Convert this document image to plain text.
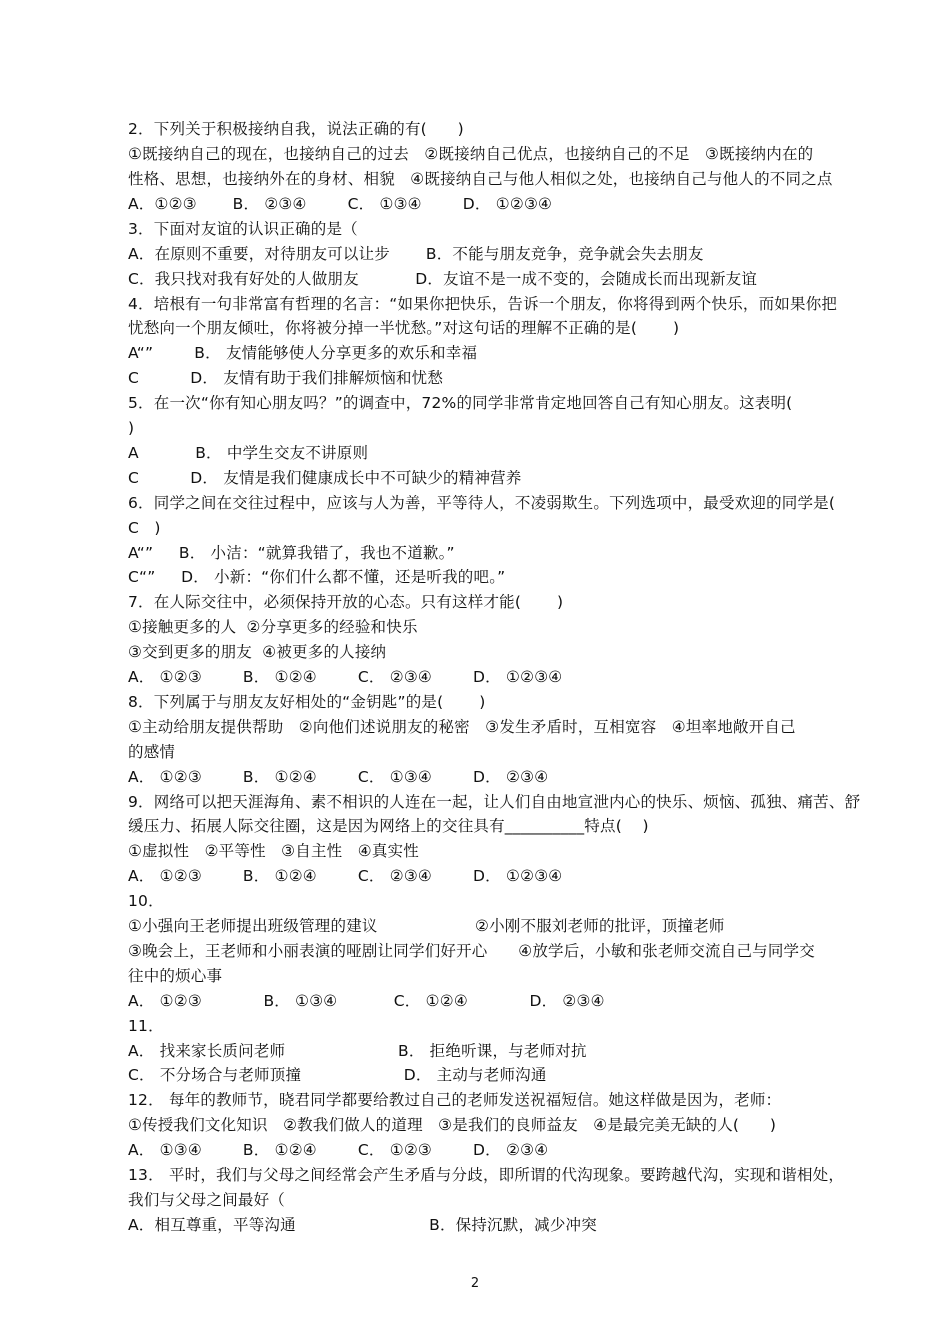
2．下列关于积极接纳自我，说法正确的有(      )
①既接纳自己的现在，也接纳自己的过去   ②既接纳自己优点，也接纳自己的不足   ③既接纳内在的
性格、思想，也接纳外在的身材、相貌   ④既接纳自己与他人相似之处，也接纳自己与他人的不同之点
A．①②③       B． ②③④        C． ①③④        D． ①②③④
3．下面对友谊的认识正确的是（
A．在原则不重要，对待朋友可以让步       B．不能与朋友竞争，竞争就会失去朋友
C．我只找对我有好处的人做朋友           D．友谊不是一成不变的，会随成长而出现新友谊
4．培根有一句非常富有哲理的名言：“如果你把快乐，告诉一个朋友，你将得到两个快乐，而如果你把
忧愁向一个朋友倾吐，你将被分掉一半忧愁。”对这句话的理解不正确的是(       )
A“”        B． 友情能够使人分享更多的欢乐和幸福
C          D． 友情有助于我们排解烦恼和忧愁
5．在一次“你有知心朋友吗？”的调查中，72%的同学非常肯定地回答自己有知心朋友。这表明(
)
A           B． 中学生交友不讲原则
C          D． 友情是我们健康成长中不可缺少的精神营养
6．同学之间在交往过程中，应该与人为善，平等待人，不凌弱欺生。下列选项中，最受欢迎的同学是(
C   )
A“”     B． 小洁：“就算我错了，我也不道歉。”
C“”     D． 小新：“你们什么都不懂，还是听我的吧。”
7．在人际交往中，必须保持开放的心态。只有这样才能(       )
①接触更多的人  ②分享更多的经验和快乐
③交到更多的朋友  ④被更多的人接纳
A． ①②③        B． ①②④        C． ②③④        D． ①②③④
8．下列属于与朋友友好相处的“金钥匙”的是(       )
①主动给朋友提供帮助   ②向他们述说朋友的秘密   ③发生矛盾时，互相宽容   ④坦率地敞开自己
的感情
A． ①②③        B． ①②④        C． ①③④        D． ②③④
9．网络可以把天涯海角、素不相识的人连在一起，让人们自由地宣泄内心的快乐、烦恼、孤独、痛苦、舒
缓压力、拓展人际交往圈，这是因为网络上的交往具有__________特点(    )
①虚拟性   ②平等性   ③自主性   ④真实性
A． ①②③        B． ①②④        C． ②③④        D． ①②③④
10．
①小强向王老师提出班级管理的建议                   ②小刚不服刘老师的批评，顶撞老师
③晚会上，王老师和小丽表演的哑剧让同学们好开心      ④放学后，小敏和张老师交流自己与同学交
往中的烦心事
A． ①②③            B． ①③④           C． ①②④            D． ②③④
11．
A． 找来家长质问老师                      B． 拒绝听课，与老师对抗
C． 不分场合与老师顶撞                    D． 主动与老师沟通
12． 每年的教师节，晓君同学都要给教过自己的老师发送祝福短信。她这样做是因为，老师：
①传授我们文化知识   ②教我们做人的道理   ③是我们的良师益友   ④是最完美无缺的人(      )
A． ①③④        B． ①②④        C． ①②③        D． ②③④
13． 平时，我们与父母之间经常会产生矛盾与分歧，即所谓的代沟现象。要跨越代沟，实现和谐相处，
我们与父母之间最好（
A．相互尊重，平等沟通                          B．保持沉默，减少冲突
2
